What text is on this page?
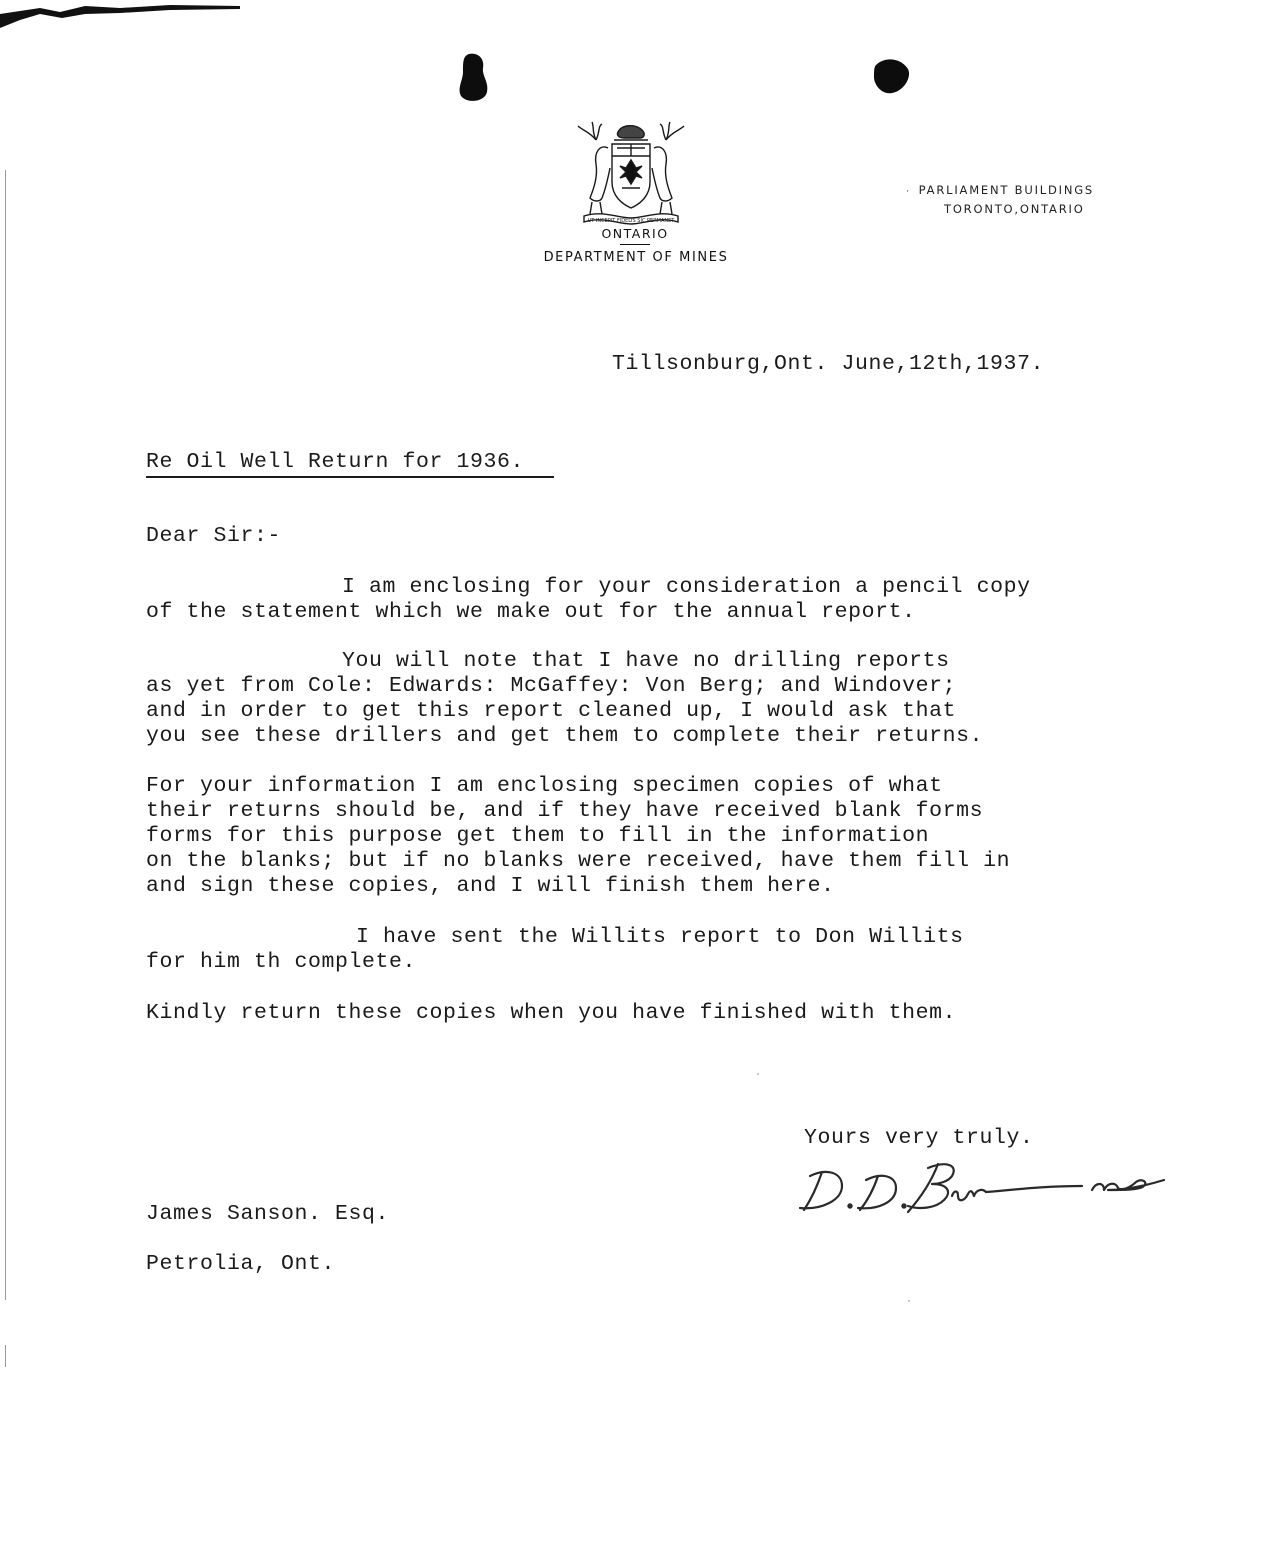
UT INCEPIT FIDELIS SIC PERMANET
ONTARIO
DEPARTMENT OF MINES
· PARLIAMENT BUILDINGS
TORONTO,ONTARIO
Tillsonburg,Ont. June,12th,1937.
Re Oil Well Return for 1936.
Dear Sir:-
I am enclosing for your consideration a pencil copy
of the statement which we make out for the annual report.
You will note that I have no drilling reports
as yet from Cole: Edwards: McGaffey: Von Berg; and Windover;
and in order to get this report cleaned up, I would ask that
you see these drillers and get them to complete their returns.
For your information I am enclosing specimen copies of what
their returns should be, and if they have received blank forms
forms for this purpose get them to fill in the information
on the blanks; but if no blanks were received, have them fill in
and sign these copies, and I will finish them here.
I have sent the Willits report to Don Willits
for him th complete.
Kindly return these copies when you have finished with them.
Yours very truly.
James Sanson. Esq.
Petrolia, Ont.
